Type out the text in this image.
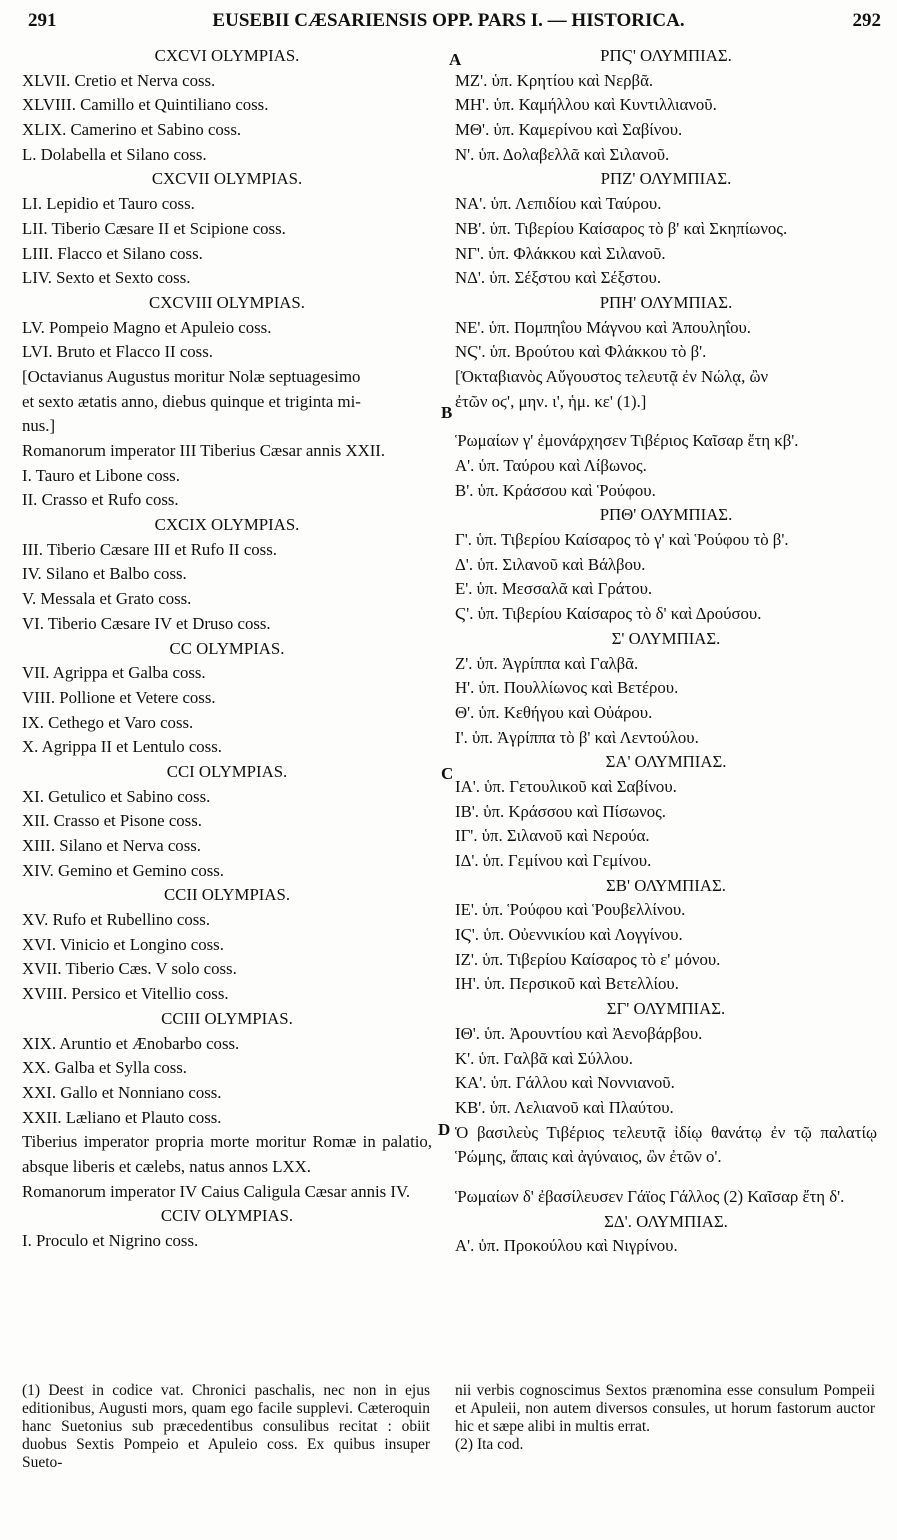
291	EUSEBII CÆSARIENSIS OPP. PARS I. — HISTORICA.	292
CXCVI OLYMPIAS.
XLVII. Cretio et Nerva coss.
XLVIII. Camillo et Quintiliano coss.
XLIX. Camerino et Sabino coss.
L. Dolabella et Silano coss.
CXCVII OLYMPIAS.
LI. Lepidio et Tauro coss.
LII. Tiberio Cæsare II et Scipione coss.
LIII. Flacco et Silano coss.
LIV. Sexto et Sexto coss.
CXCVIII OLYMPIAS.
LV. Pompeio Magno et Apuleio coss.
LVI. Bruto et Flacco II coss.
[Octavianus Augustus moritur Nolæ septuagesimo
et sexto ætatis anno, diebus quinque et triginta mi-
nus.]
Romanorum imperator III Tiberius Cæsar annis XXII.
I. Tauro et Libone coss.
II. Crasso et Rufo coss.
CXCIX OLYMPIAS.
III. Tiberio Cæsare III et Rufo II coss.
IV. Silano et Balbo coss.
V. Messala et Grato coss.
VI. Tiberio Cæsare IV et Druso coss.
CC OLYMPIAS.
VII. Agrippa et Galba coss.
VIII. Pollione et Vetere coss.
IX. Cethego et Varo coss.
X. Agrippa II et Lentulo coss.
CCI OLYMPIAS.
XI. Getulico et Sabino coss.
XII. Crasso et Pisone coss.
XIII. Silano et Nerva coss.
XIV. Gemino et Gemino coss.
CCII OLYMPIAS.
XV. Rufo et Rubellino coss.
XVI. Vinicio et Longino coss.
XVII. Tiberio Cæs. V solo coss.
XVIII. Persico et Vitellio coss.
CCIII OLYMPIAS.
XIX. Aruntio et Ænobarbo coss.
XX. Galba et Sylla coss.
XXI. Gallo et Nonniano coss.
XXII. Læliano et Plauto coss.
Tiberius imperator propria morte moritur Romæ in palatio, absque liberis et cælebs, natus annos LXX.
Romanorum imperator IV Caius Caligula Cæsar annis IV.
CCIV OLYMPIAS.
I. Proculo et Nigrino coss.
ΡΠϚ' ΟΛΥΜΠΙΑΣ.
ΜΖ'. ὑπ. Κρητίου καὶ Νερβᾶ.
ΜΗ'. ὑπ. Καμήλλου καὶ Κυντιλλιανοῦ.
ΜΘ'. ὑπ. Καμερίνου καὶ Σαβίνου.
Ν'. ὑπ. Δολαβελλᾶ καὶ Σιλανοῦ.
ΡΠΖ' ΟΛΥΜΠΙΑΣ.
ΝΑ'. ὑπ. Λεπιδίου καὶ Ταύρου.
ΝΒ'. ὑπ. Τιβερίου Καίσαρος τὸ β' καὶ Σκηπίωνος.
ΝΓ'. ὑπ. Φλάκκου καὶ Σιλανοῦ.
ΝΔ'. ὑπ. Σέξστου καὶ Σέξστου.
ΡΠΗ' ΟΛΥΜΠΙΑΣ.
ΝΕ'. ὑπ. Πομπηΐου Μάγνου καὶ Ἀπουληΐου.
ΝϚ'. ὑπ. Βρούτου καὶ Φλάκκου τὸ β'.
[Ὀκταβιανὸς Αὔγουστος τελευτᾷ ἐν Νώλᾳ, ὢν
ἐτῶν οϛ', μην. ι', ἡμ. κε' (1).]
Ῥωμαίων γ' ἐμονάρχησεν Τιβέριος Καῖσαρ ἔτη κβ'.
Α'. ὑπ. Ταύρου καὶ Λίβωνος.
Β'. ὑπ. Κράσσου καὶ Ῥούφου.
ΡΠΘ' ΟΛΥΜΠΙΑΣ.
Γ'. ὑπ. Τιβερίου Καίσαρος τὸ γ' καὶ Ῥούφου τὸ β'.
Δ'. ὑπ. Σιλανοῦ καὶ Βάλβου.
Ε'. ὑπ. Μεσσαλᾶ καὶ Γράτου.
Ϛ'. ὑπ. Τιβερίου Καίσαρος τὸ δ' καὶ Δρούσου.
Σ' ΟΛΥΜΠΙΑΣ.
Ζ'. ὑπ. Ἀγρίππα καὶ Γαλβᾶ.
Η'. ὑπ. Πουλλίωνος καὶ Βετέρου.
Θ'. ὑπ. Κεθήγου καὶ Οὐάρου.
Ι'. ὑπ. Ἀγρίππα τὸ β' καὶ Λεντούλου.
ΣΑ' ΟΛΥΜΠΙΑΣ.
ΙΑ'. ὑπ. Γετουλικοῦ καὶ Σαβίνου.
ΙΒ'. ὑπ. Κράσσου καὶ Πίσωνος.
ΙΓ'. ὑπ. Σιλανοῦ καὶ Νερούα.
ΙΔ'. ὑπ. Γεμίνου καὶ Γεμίνου.
ΣΒ' ΟΛΥΜΠΙΑΣ.
ΙΕ'. ὑπ. Ῥούφου καὶ Ῥουβελλίνου.
ΙϚ'. ὑπ. Οὐεννικίου καὶ Λογγίνου.
ΙΖ'. ὑπ. Τιβερίου Καίσαρος τὸ ε' μόνου.
ΙΗ'. ὑπ. Περσικοῦ καὶ Βετελλίου.
ΣΓ' ΟΛΥΜΠΙΑΣ.
ΙΘ'. ὑπ. Ἀρουντίου καὶ Ἀενοβάρβου.
Κ'. ὑπ. Γαλβᾶ καὶ Σύλλου.
ΚΑ'. ὑπ. Γάλλου καὶ Νοννιανοῦ.
ΚΒ'. ὑπ. Λελιανοῦ καὶ Πλαύτου.
Ὁ βασιλεὺς Τιβέριος τελευτᾷ ἰδίῳ θανάτῳ ἐν τῷ παλατίῳ Ῥώμης, ἄπαις καὶ ἀγύναιος, ὢν ἐτῶν ο'.
Ῥωμαίων δ' ἐβασίλευσεν Γάϊος Γάλλος (2) Καῖσαρ ἔτη δ'.
ΣΔ'. ΟΛΥΜΠΙΑΣ.
Α'. ὑπ. Προκούλου καὶ Νιγρίνου.
A
B
C
D

(1) Deest in codice vat. Chronici paschalis, nec non in ejus editionibus, Augusti mors, quam ego facile supplevi. Cæteroquin hanc Suetonius sub præcedentibus consulibus recitat : obiit duobus Sextis Pompeio et Apuleio coss. Ex quibus insuper Sueto-

nii verbis cognoscimus Sextos prænomina esse consulum Pompeii et Apuleii, non autem diversos consules, ut horum fastorum auctor hic et sæpe alibi in multis errat.

(2) Ita cod.
